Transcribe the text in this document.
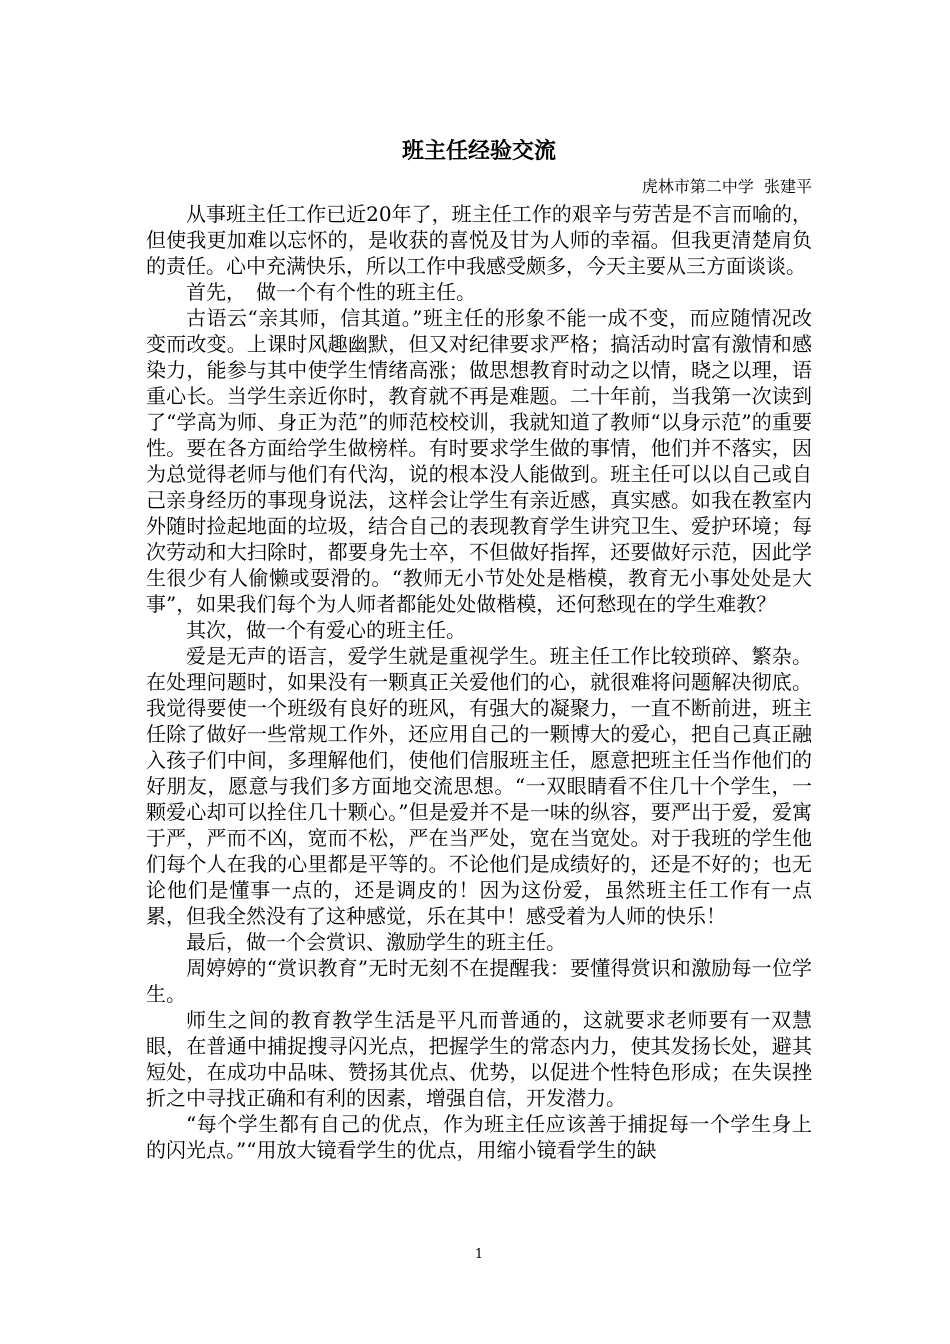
班主任经验交流
虎林市第二中学  张建平

从事班主任工作已近20年了，班主任工作的艰辛与劳苦是不言而喻的，但使我更加难以忘怀的，是收获的喜悦及甘为人师的幸福。但我更清楚肩负的责任。心中充满快乐，所以工作中我感受颇多，今天主要从三方面谈谈。

首先，　做一个有个性的班主任。

古语云“亲其师，信其道。”班主任的形象不能一成不变，而应随情况改变而改变。上课时风趣幽默，但又对纪律要求严格；搞活动时富有激情和感染力，能参与其中使学生情绪高涨；做思想教育时动之以情，晓之以理，语重心长。当学生亲近你时，教育就不再是难题。二十年前，当我第一次读到了“学高为师、身正为范”的师范校校训，我就知道了教师“以身示范”的重要性。要在各方面给学生做榜样。有时要求学生做的事情，他们并不落实，因为总觉得老师与他们有代沟，说的根本没人能做到。班主任可以以自己或自己亲身经历的事现身说法，这样会让学生有亲近感，真实感。如我在教室内外随时捡起地面的垃圾，结合自己的表现教育学生讲究卫生、爱护环境；每次劳动和大扫除时，都要身先士卒，不但做好指挥，还要做好示范，因此学生很少有人偷懒或耍滑的。“教师无小节处处是楷模，教育无小事处处是大事”，如果我们每个为人师者都能处处做楷模，还何愁现在的学生难教？

其次，做一个有爱心的班主任。

爱是无声的语言，爱学生就是重视学生。班主任工作比较琐碎、繁杂。在处理问题时，如果没有一颗真正关爱他们的心，就很难将问题解决彻底。我觉得要使一个班级有良好的班风，有强大的凝聚力，一直不断前进，班主任除了做好一些常规工作外，还应用自己的一颗博大的爱心，把自己真正融入孩子们中间，多理解他们，使他们信服班主任，愿意把班主任当作他们的好朋友，愿意与我们多方面地交流思想。“一双眼睛看不住几十个学生，一颗爱心却可以拴住几十颗心。”但是爱并不是一味的纵容，要严出于爱，爱寓于严，严而不凶，宽而不松，严在当严处，宽在当宽处。对于我班的学生他们每个人在我的心里都是平等的。不论他们是成绩好的，还是不好的；也无论他们是懂事一点的，还是调皮的！因为这份爱，虽然班主任工作有一点累，但我全然没有了这种感觉，乐在其中！感受着为人师的快乐！

最后，做一个会赏识、激励学生的班主任。

周婷婷的“赏识教育”无时无刻不在提醒我：要懂得赏识和激励每一位学生。

师生之间的教育教学生活是平凡而普通的，这就要求老师要有一双慧眼，在普通中捕捉搜寻闪光点，把握学生的常态内力，使其发扬长处，避其短处，在成功中品味、赞扬其优点、优势，以促进个性特色形成；在失误挫折之中寻找正确和有利的因素，增强自信，开发潜力。

“每个学生都有自己的优点，作为班主任应该善于捕捉每一个学生身上的闪光点。”“用放大镜看学生的优点，用缩小镜看学生的缺

1
